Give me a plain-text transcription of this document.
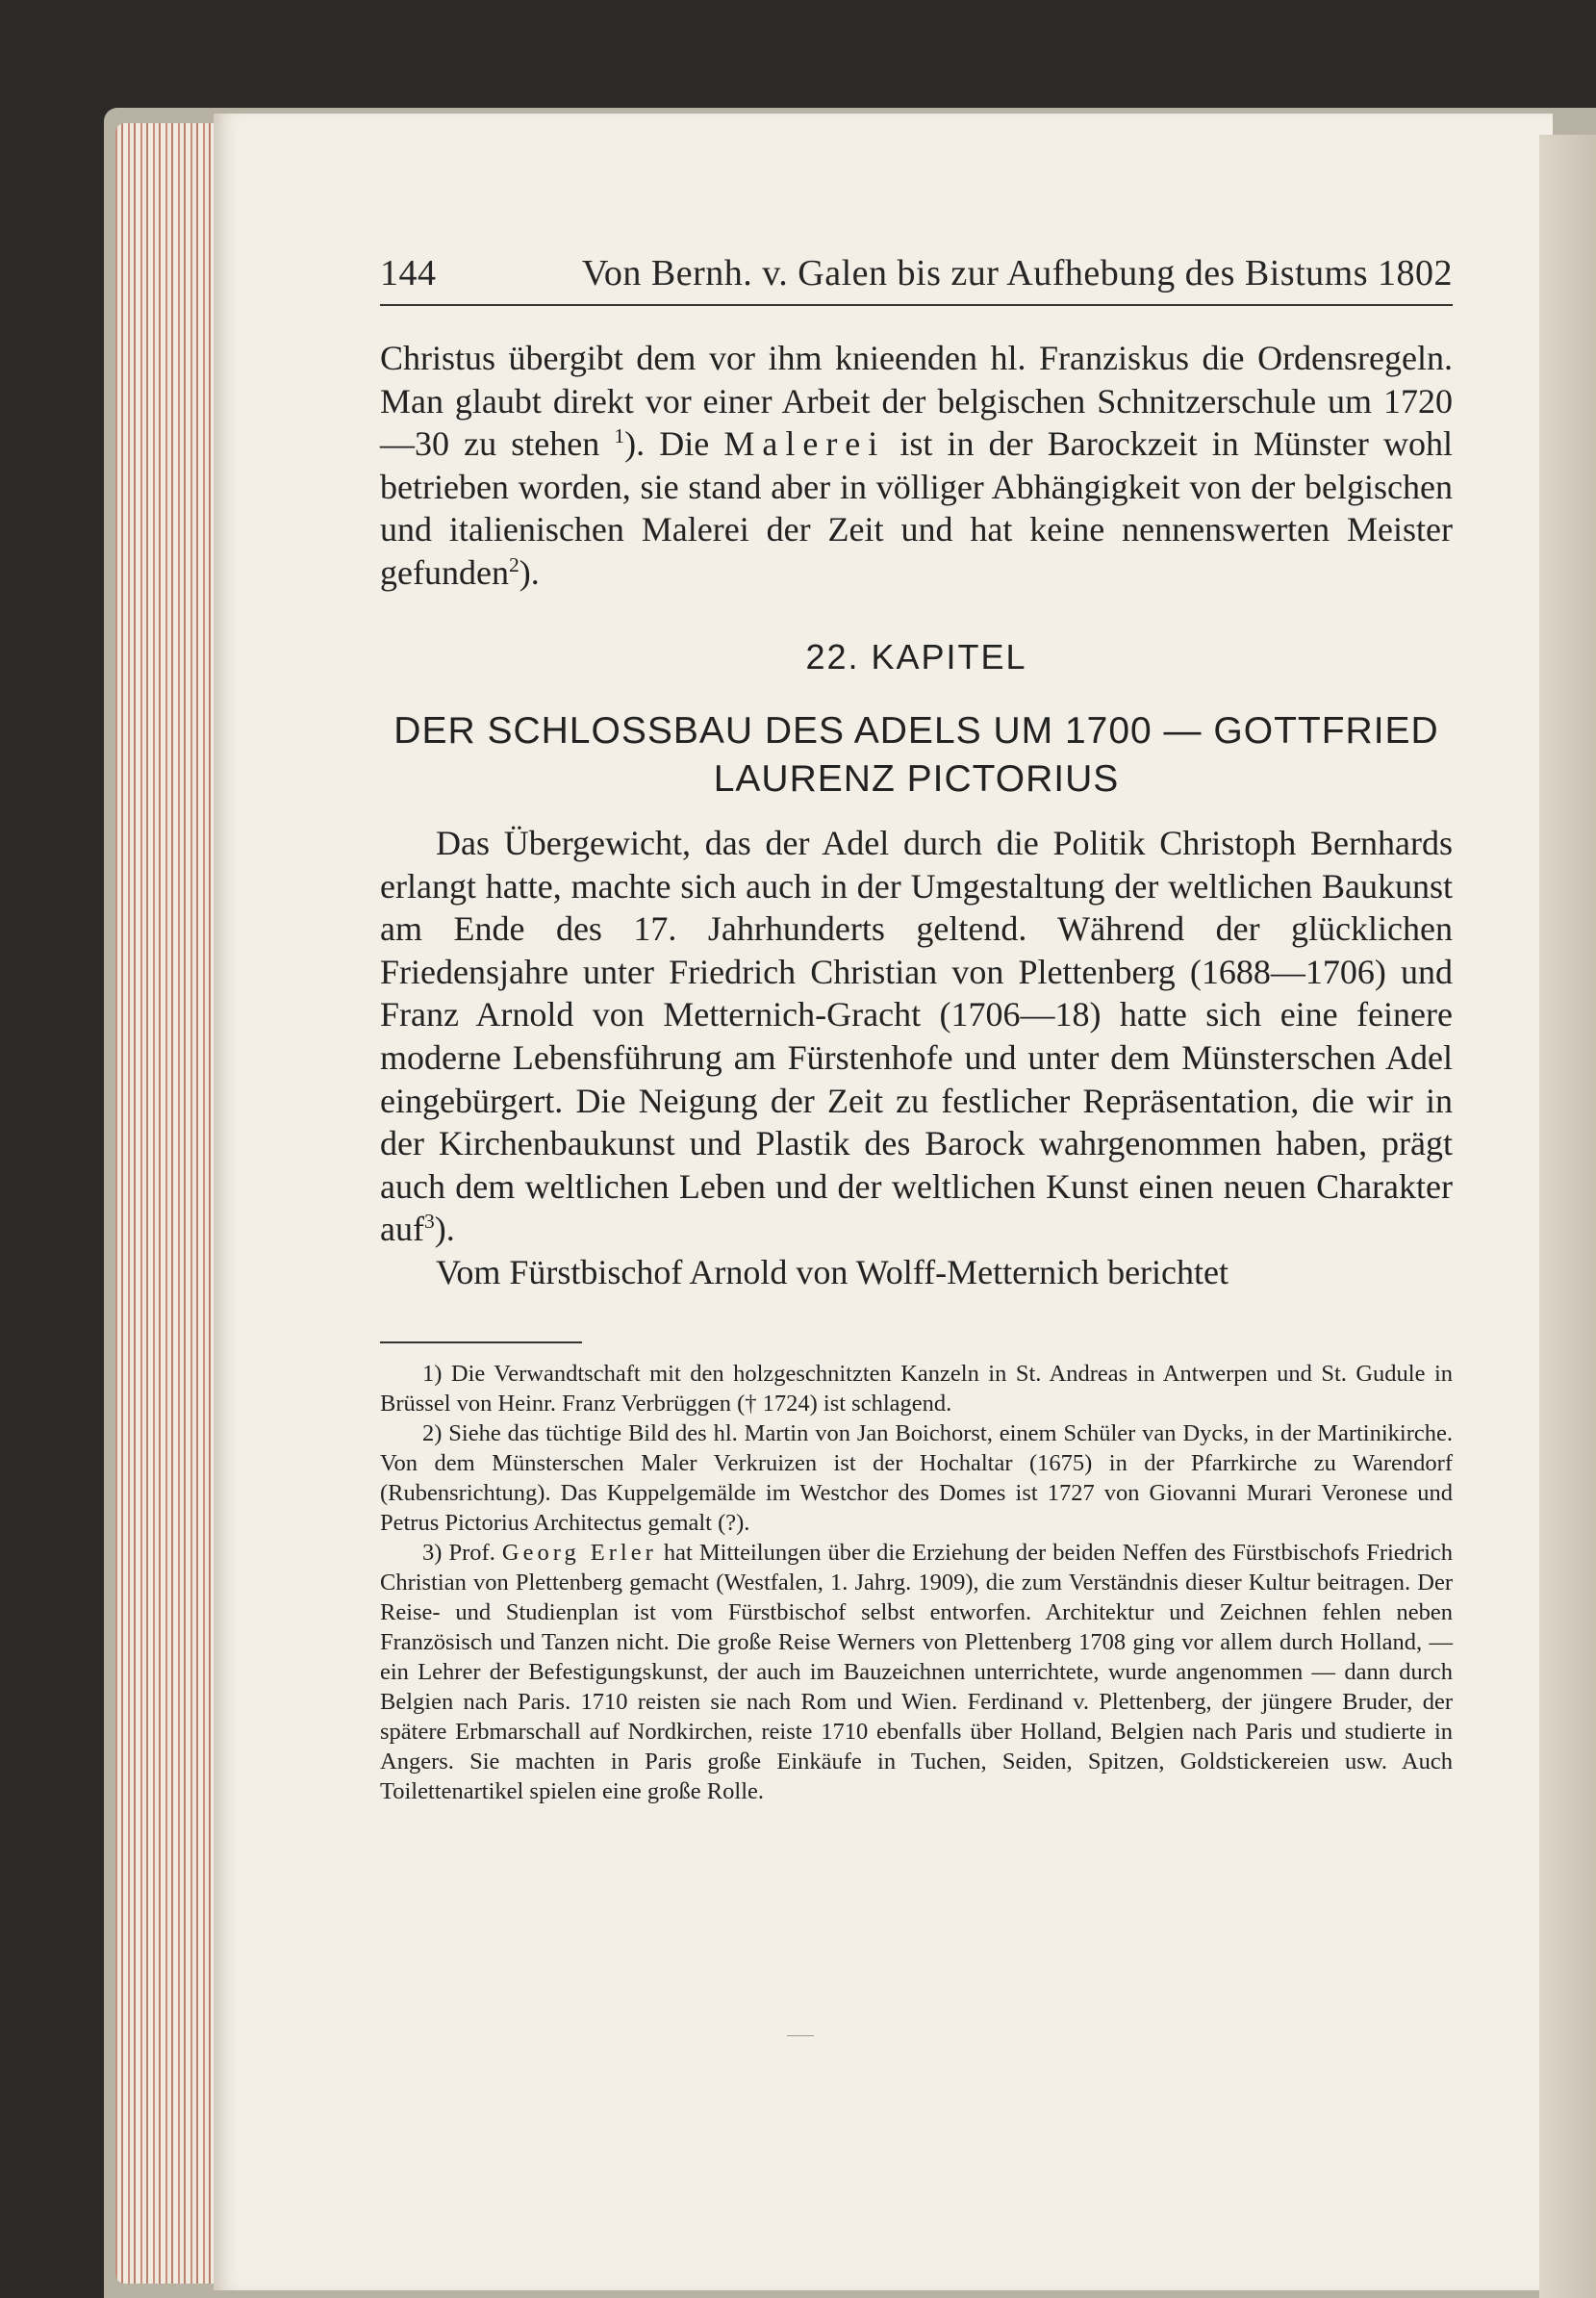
144	Von Bernh. v. Galen bis zur Aufhebung des Bistums 1802

Christus übergibt dem vor ihm knieenden hl. Franziskus die Ordensregeln. Man glaubt direkt vor einer Arbeit der belgischen Schnitzerschule um 1720—30 zu stehen $^1$). Die Malerei ist in der Barockzeit in Münster wohl betrieben worden, sie stand aber in völliger Abhängigkeit von der belgischen und italienischen Malerei der Zeit und hat keine nennenswerten Meister gefunden$^2$).

22. KAPITEL
DER SCHLOSSBAU DES ADELS UM 1700 — GOTTFRIED
LAURENZ PICTORIUS

Das Übergewicht, das der Adel durch die Politik Christoph Bernhards erlangt hatte, machte sich auch in der Umgestaltung der weltlichen Baukunst am Ende des 17. Jahrhunderts geltend. Während der glücklichen Friedensjahre unter Friedrich Christian von Plettenberg (1688—1706) und Franz Arnold von Metternich-Gracht (1706—18) hatte sich eine feinere moderne Lebensführung am Fürstenhofe und unter dem Münsterschen Adel eingebürgert. Die Neigung der Zeit zu festlicher Repräsentation, die wir in der Kirchenbaukunst und Plastik des Barock wahrgenommen haben, prägt auch dem weltlichen Leben und der weltlichen Kunst einen neuen Charakter auf$^3$).

Vom Fürstbischof Arnold von Wolff-Metternich berichtet

1) Die Verwandtschaft mit den holzgeschnitzten Kanzeln in St. Andreas in Antwerpen und St. Gudule in Brüssel von Heinr. Franz Verbrüggen († 1724) ist schlagend.

2) Siehe das tüchtige Bild des hl. Martin von Jan Boichorst, einem Schüler van Dycks, in der Martinikirche. Von dem Münsterschen Maler Verkruizen ist der Hochaltar (1675) in der Pfarrkirche zu Warendorf (Rubensrichtung). Das Kuppelgemälde im Westchor des Domes ist 1727 von Giovanni Murari Veronese und Petrus Pictorius Architectus gemalt (?).

3) Prof. Georg Erler hat Mitteilungen über die Erziehung der beiden Neffen des Fürstbischofs Friedrich Christian von Plettenberg gemacht (Westfalen, 1. Jahrg. 1909), die zum Verständnis dieser Kultur beitragen. Der Reise- und Studienplan ist vom Fürstbischof selbst entworfen. Architektur und Zeichnen fehlen neben Französisch und Tanzen nicht. Die große Reise Werners von Plettenberg 1708 ging vor allem durch Holland, — ein Lehrer der Befestigungskunst, der auch im Bauzeichnen unterrichtete, wurde angenommen — dann durch Belgien nach Paris. 1710 reisten sie nach Rom und Wien. Ferdinand v. Plettenberg, der jüngere Bruder, der spätere Erbmarschall auf Nordkirchen, reiste 1710 ebenfalls über Holland, Belgien nach Paris und studierte in Angers. Sie machten in Paris große Einkäufe in Tuchen, Seiden, Spitzen, Goldstickereien usw. Auch Toilettenartikel spielen eine große Rolle.
